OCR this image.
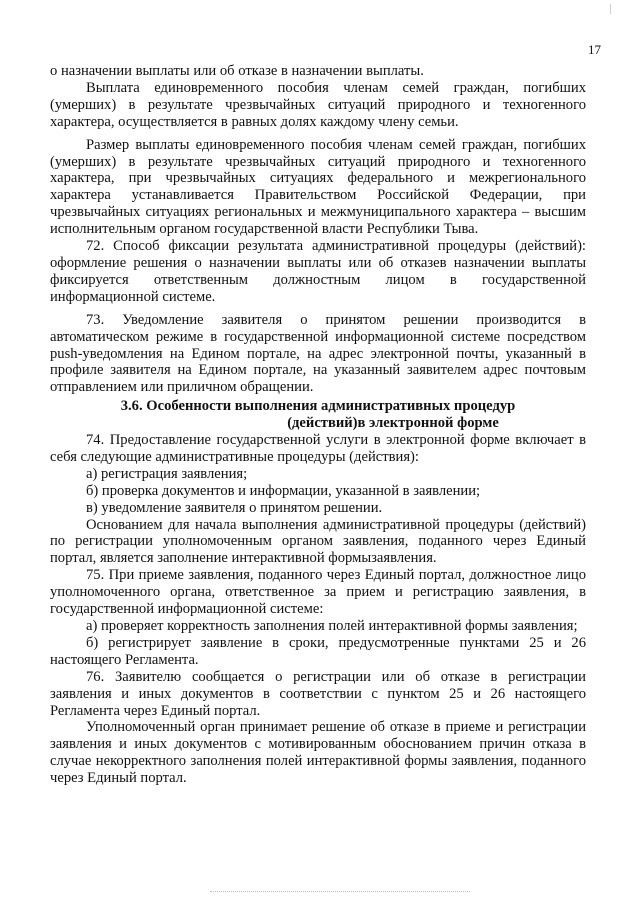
17

о назначении выплаты или об отказе в назначении выплаты.

Выплата единовременного пособия членам семей граждан, погибших (умерших) в результате чрезвычайных ситуаций природного и техногенного характера, осуществляется в равных долях каждому члену семьи.

Размер выплаты единовременного пособия членам семей граждан, погибших (умерших) в результате чрезвычайных ситуаций природного и техногенного характера, при чрезвычайных ситуациях федерального и межрегионального характера устанавливается Правительством Российской Федерации, при чрезвычайных ситуациях региональных и межмуниципального характера – высшим исполнительным органом государственной власти Республики Тыва.

72. Способ фиксации результата административной процедуры (действий): оформление решения о назначении выплаты или об отказев назначении выплаты фиксируется ответственным должностным лицом в государственной информационной системе.

73. Уведомление заявителя о принятом решении производится в автоматическом режиме в государственной информационной системе посредством push-уведомления на Едином портале, на адрес электронной почты, указанный в профиле заявителя на Едином портале, на указанный заявителем адрес почтовым отправлением или приличном обращении.

3.6. Особенности выполнения административных процедур
(действий)в электронной форме

74. Предоставление государственной услуги в электронной форме включает в себя следующие административные процедуры (действия):

а) регистрация заявления;

б) проверка документов и информации, указанной в заявлении;

в) уведомление заявителя о принятом решении.

Основанием для начала выполнения административной процедуры (действий) по регистрации уполномоченным органом заявления, поданного через Единый портал, является заполнение интерактивной формызаявления.

75. При приеме заявления, поданного через Единый портал, должностное лицо уполномоченного органа, ответственное за прием и регистрацию заявления, в государственной информационной системе:

а) проверяет корректность заполнения полей интерактивной формы заявления;

б) регистрирует заявление в сроки, предусмотренные пунктами 25 и 26 настоящего Регламента.

76. Заявителю сообщается о регистрации или об отказе в регистрации заявления и иных документов в соответствии с пунктом 25 и 26 настоящего Регламента через Единый портал.

Уполномоченный орган принимает решение об отказе в приеме и регистрации заявления и иных документов с мотивированным обоснованием причин отказа в случае некорректного заполнения полей интерактивной формы заявления, поданного через Единый портал.
